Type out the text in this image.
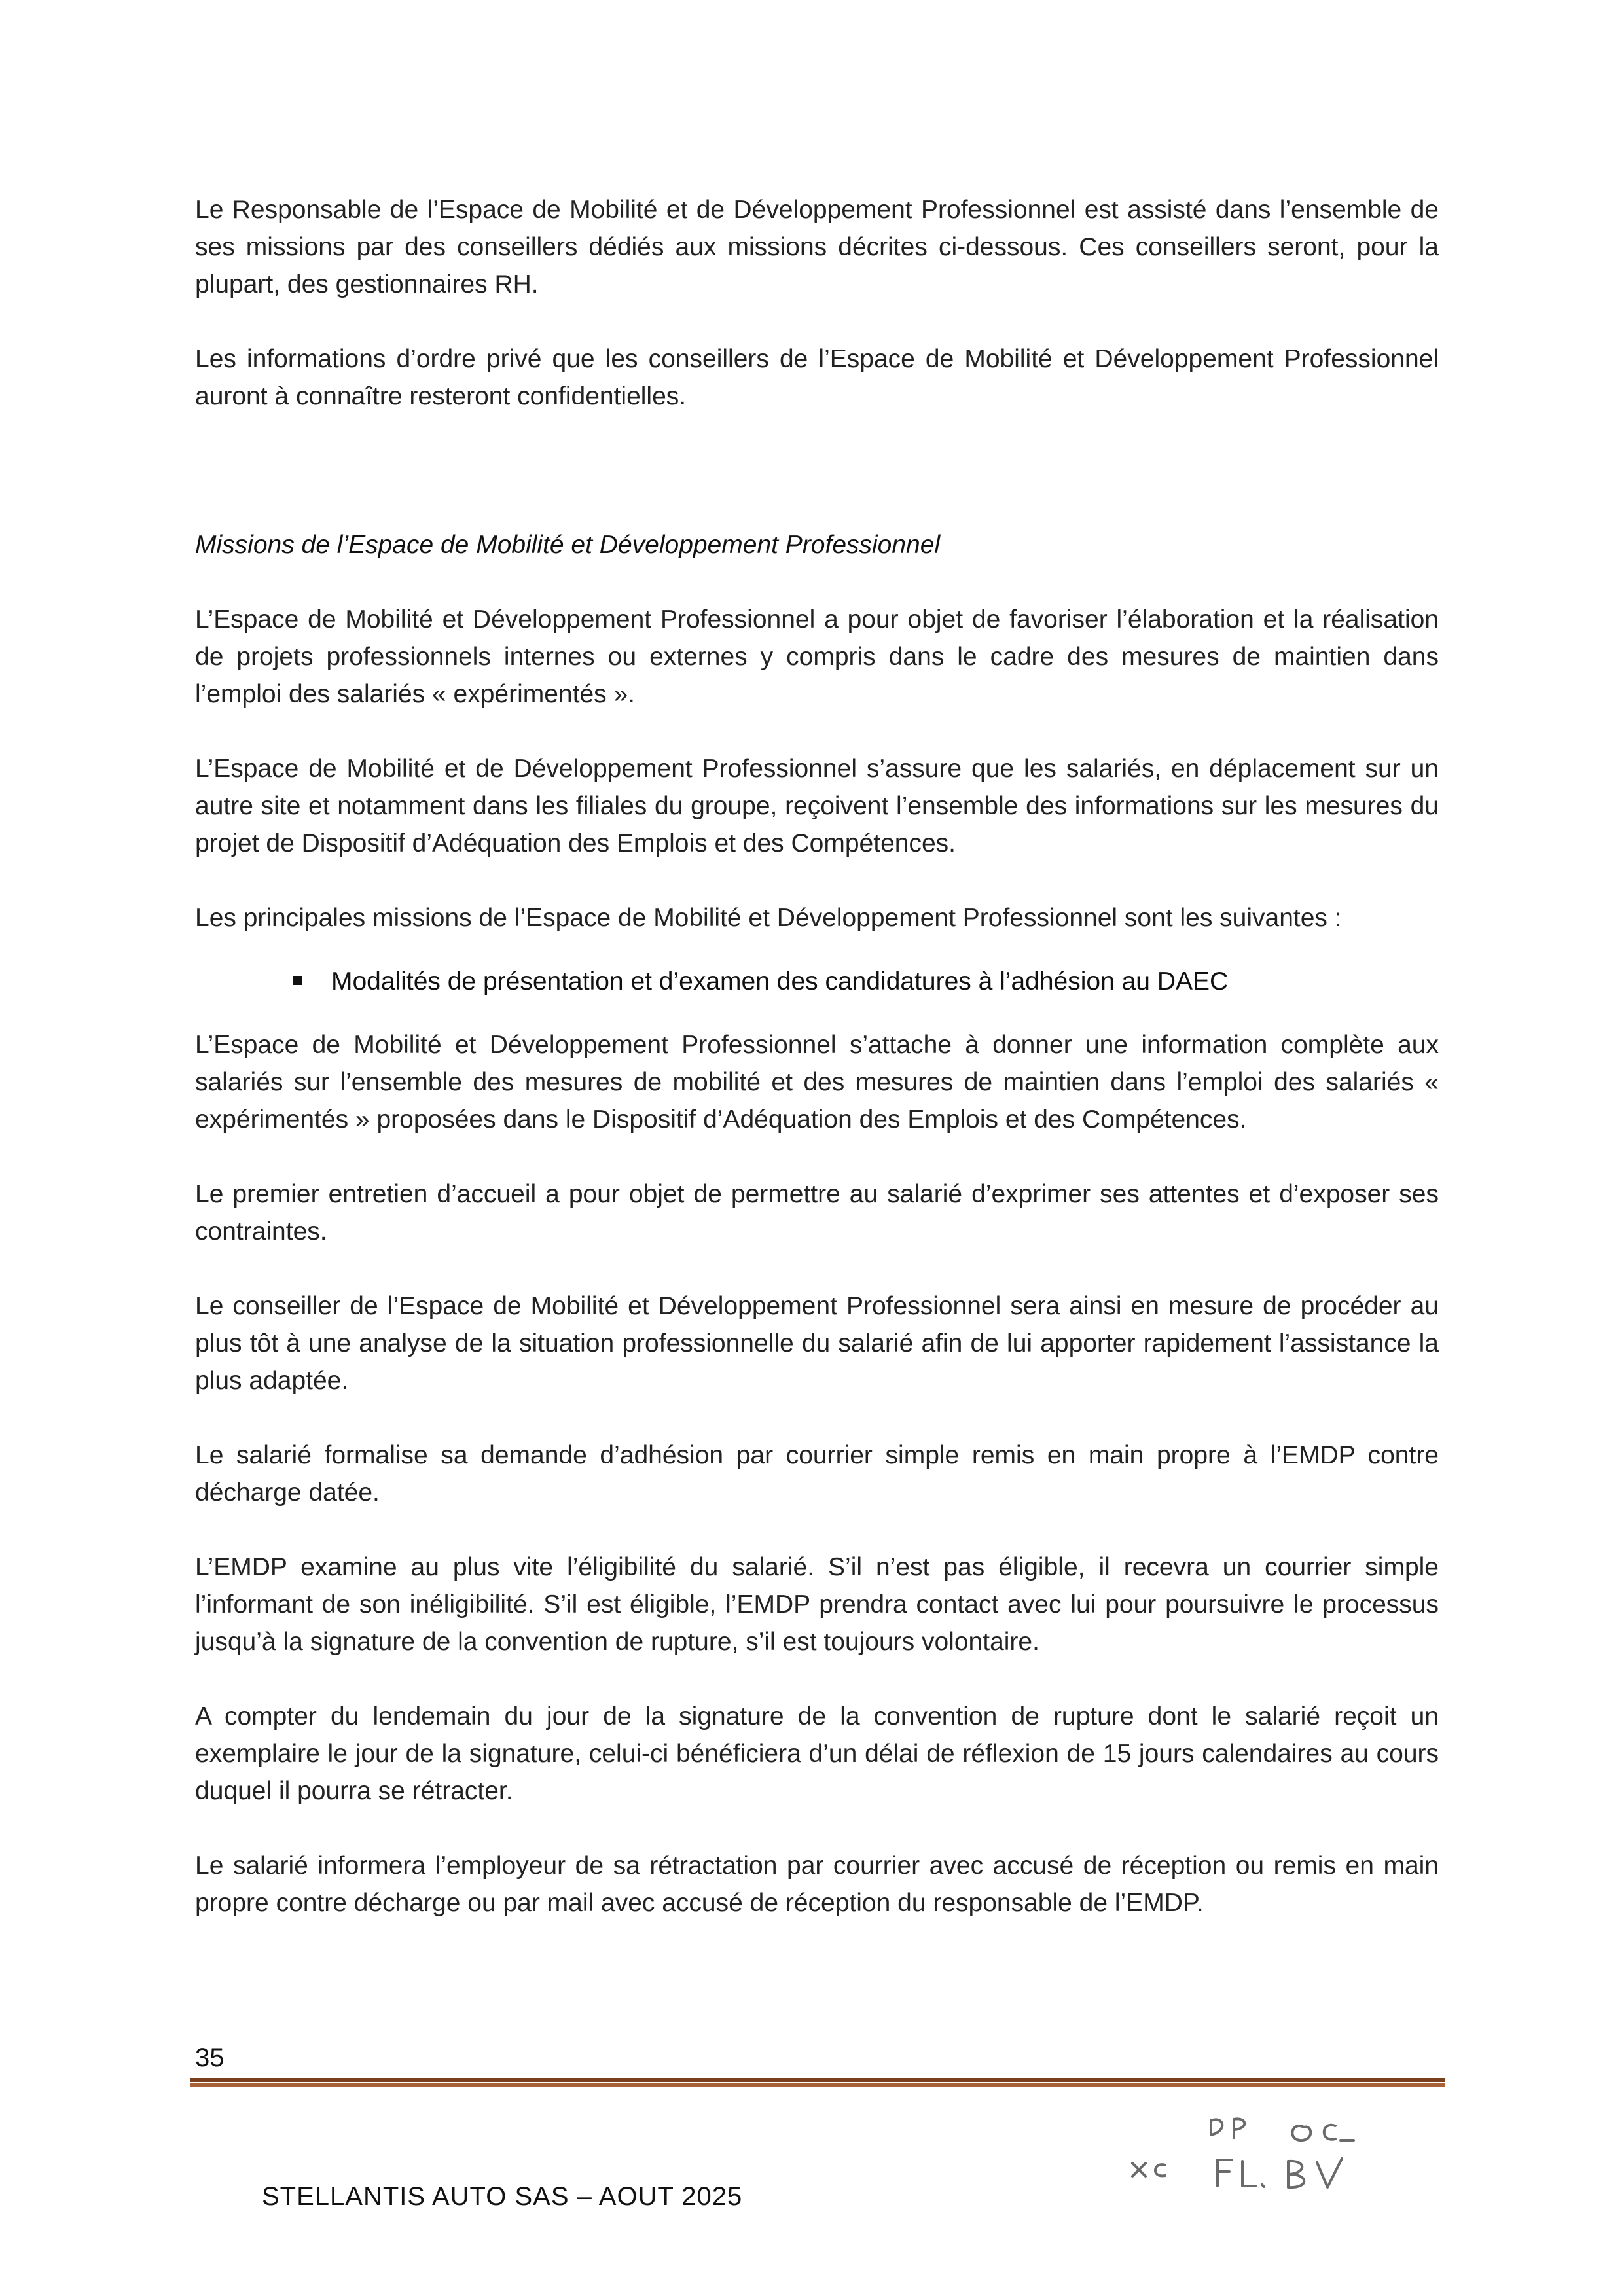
Le Responsable de l’Espace de Mobilité et de Développement Professionnel est assisté dans l’ensemble de ses missions par des conseillers dédiés aux missions décrites ci-dessous. Ces conseillers seront, pour la plupart, des gestionnaires RH.

Les informations d’ordre privé que les conseillers de l’Espace de Mobilité et Développement Professionnel auront à connaître resteront confidentielles.

Missions de l’Espace de Mobilité et Développement Professionnel

L’Espace de Mobilité et Développement Professionnel a pour objet de favoriser l’élaboration et la réalisation de projets professionnels internes ou externes y compris dans le cadre des mesures de maintien dans l’emploi des salariés « expérimentés ».

L’Espace de Mobilité et de Développement Professionnel s’assure que les salariés, en déplacement sur un autre site et notamment dans les filiales du groupe, reçoivent l’ensemble des informations sur les mesures du projet de Dispositif d’Adéquation des Emplois et des Compétences.

Les principales missions de l’Espace de Mobilité et Développement Professionnel sont les suivantes :

Modalités de présentation et d’examen des candidatures à l’adhésion au DAEC

L’Espace de Mobilité et Développement Professionnel s’attache à donner une information complète aux salariés sur l’ensemble des mesures de mobilité et des mesures de maintien dans l’emploi des salariés « expérimentés » proposées dans le Dispositif d’Adéquation des Emplois et des Compétences.

Le premier entretien d’accueil a pour objet de permettre au salarié d’exprimer ses attentes et d’exposer ses contraintes.

Le conseiller de l’Espace de Mobilité et Développement Professionnel sera ainsi en mesure de procéder au plus tôt à une analyse de la situation professionnelle du salarié afin de lui apporter rapidement l’assistance la plus adaptée.

Le salarié formalise sa demande d’adhésion par courrier simple remis en main propre à l’EMDP contre décharge datée.

L’EMDP examine au plus vite l’éligibilité du salarié. S’il n’est pas éligible, il recevra un courrier simple l’informant de son inéligibilité. S’il est éligible, l’EMDP prendra contact avec lui pour poursuivre le processus jusqu’à la signature de la convention de rupture, s’il est toujours volontaire.

A compter du lendemain du jour de la signature de la convention de rupture dont le salarié reçoit un exemplaire le jour de la signature, celui-ci bénéficiera d’un délai de réflexion de 15 jours calendaires au cours duquel il pourra se rétracter.

Le salarié informera l’employeur de sa rétractation par courrier avec accusé de réception ou remis en main propre contre décharge ou par mail avec accusé de réception du responsable de l’EMDP.

35
STELLANTIS AUTO SAS – AOUT 2025
